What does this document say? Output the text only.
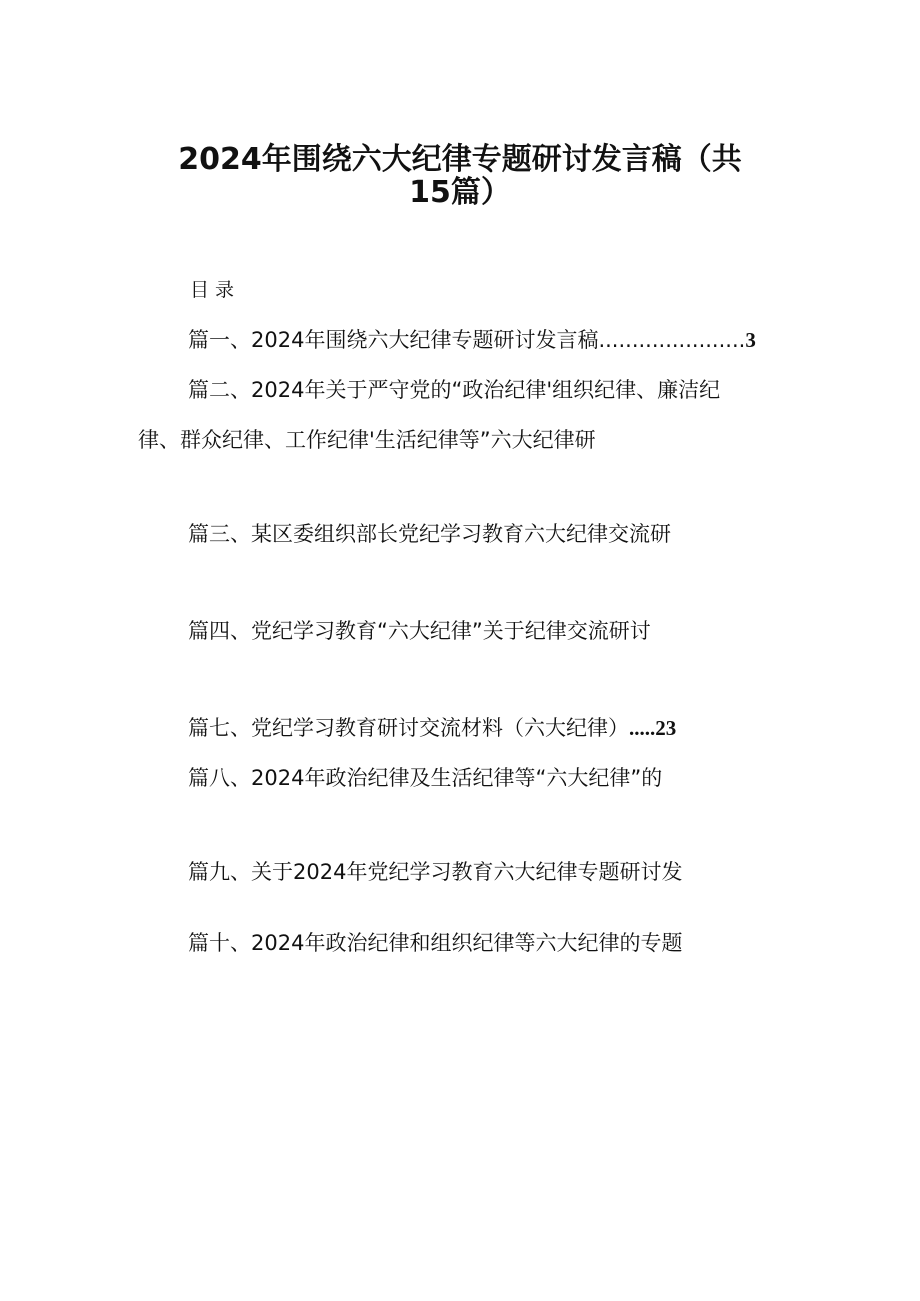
2024年围绕六大纪律专题研讨发言稿（共
15篇）
目录
篇一、2024年围绕六大纪律专题研讨发言稿......................3
篇二、2024年关于严守党的“政治纪律'组织纪律、廉洁纪
律、群众纪律、工作纪律'生活纪律等”六大纪律研
篇三、某区委组织部长党纪学习教育六大纪律交流研
篇四、党纪学习教育“六大纪律”关于纪律交流研讨
篇七、党纪学习教育研讨交流材料（六大纪律）.....23
篇八、2024年政治纪律及生活纪律等“六大纪律”的
篇九、关于2024年党纪学习教育六大纪律专题研讨发
篇十、2024年政治纪律和组织纪律等六大纪律的专题
